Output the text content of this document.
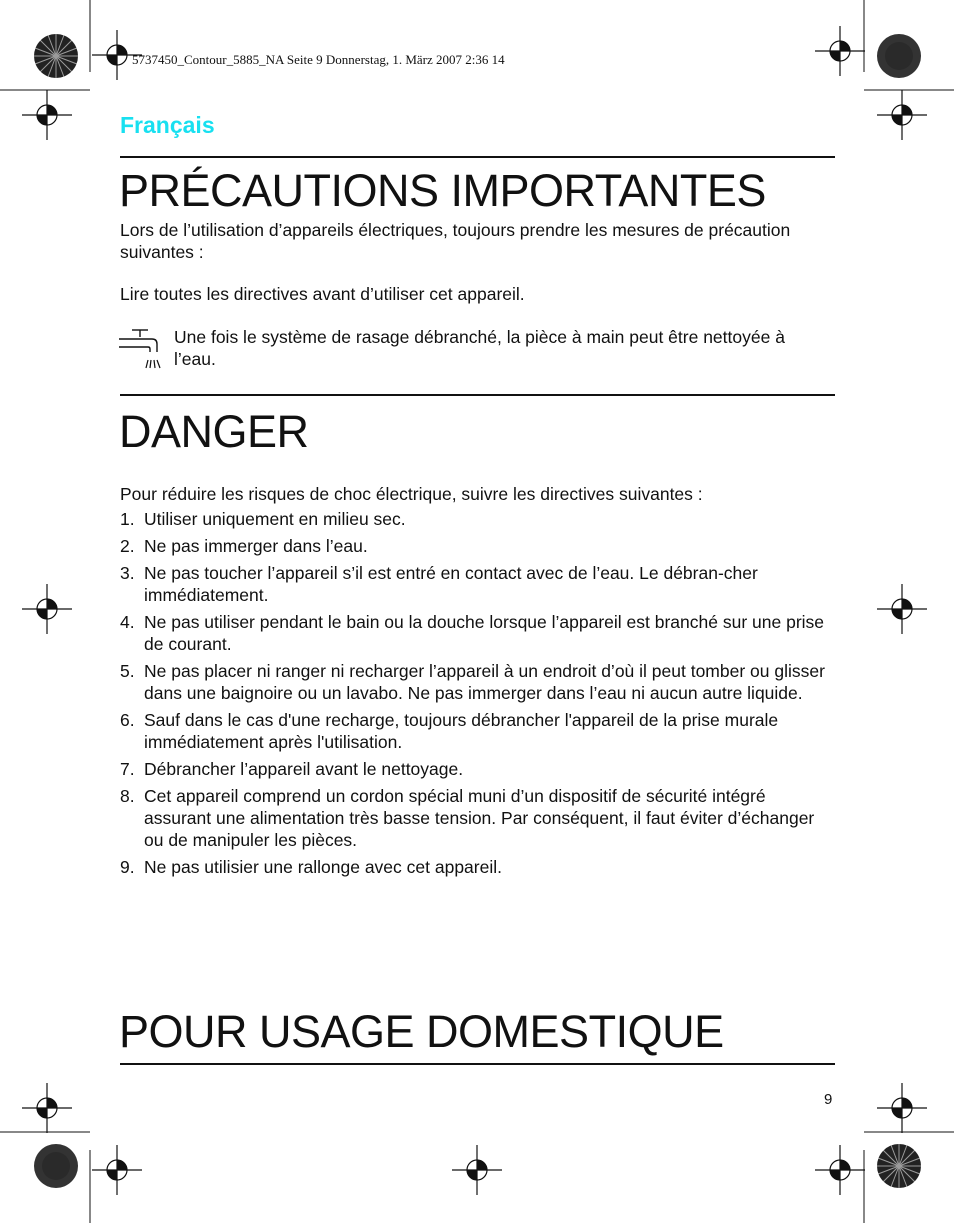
5737450_Contour_5885_NA Seite 9 Donnerstag, 1. März 2007 2:36 14
Français
PRÉCAUTIONS IMPORTANTES
Lors de l’utilisation d’appareils électriques, toujours prendre les mesures de précaution suivantes :
Lire toutes les directives avant d’utiliser cet appareil.
Une fois le système de rasage débranché, la pièce à main peut être nettoyée à l’eau.
DANGER
Pour réduire les risques de choc électrique, suivre les directives suivantes :
1. Utiliser uniquement en milieu sec.
2. Ne pas immerger dans l’eau.
3. Ne pas toucher l’appareil s’il est entré en contact avec de l’eau. Le débran-cher immédiatement.
4. Ne pas utiliser pendant le bain ou la douche lorsque l’appareil est branché sur une prise de courant.
5. Ne pas placer ni ranger ni recharger l’appareil à un endroit d’où il peut tomber ou glisser dans une baignoire ou un lavabo. Ne pas immerger dans l’eau ni aucun autre liquide.
6. Sauf dans le cas d'une recharge, toujours débrancher l'appareil de la prise murale immédiatement après l'utilisation.
7. Débrancher l’appareil avant le nettoyage.
8. Cet appareil comprend un cordon spécial muni d’un dispositif de sécurité intégré assurant une alimentation très basse tension. Par conséquent, il faut éviter d’échanger ou de manipuler les pièces.
9. Ne pas utilisier une rallonge avec cet appareil.
POUR USAGE DOMESTIQUE
9
